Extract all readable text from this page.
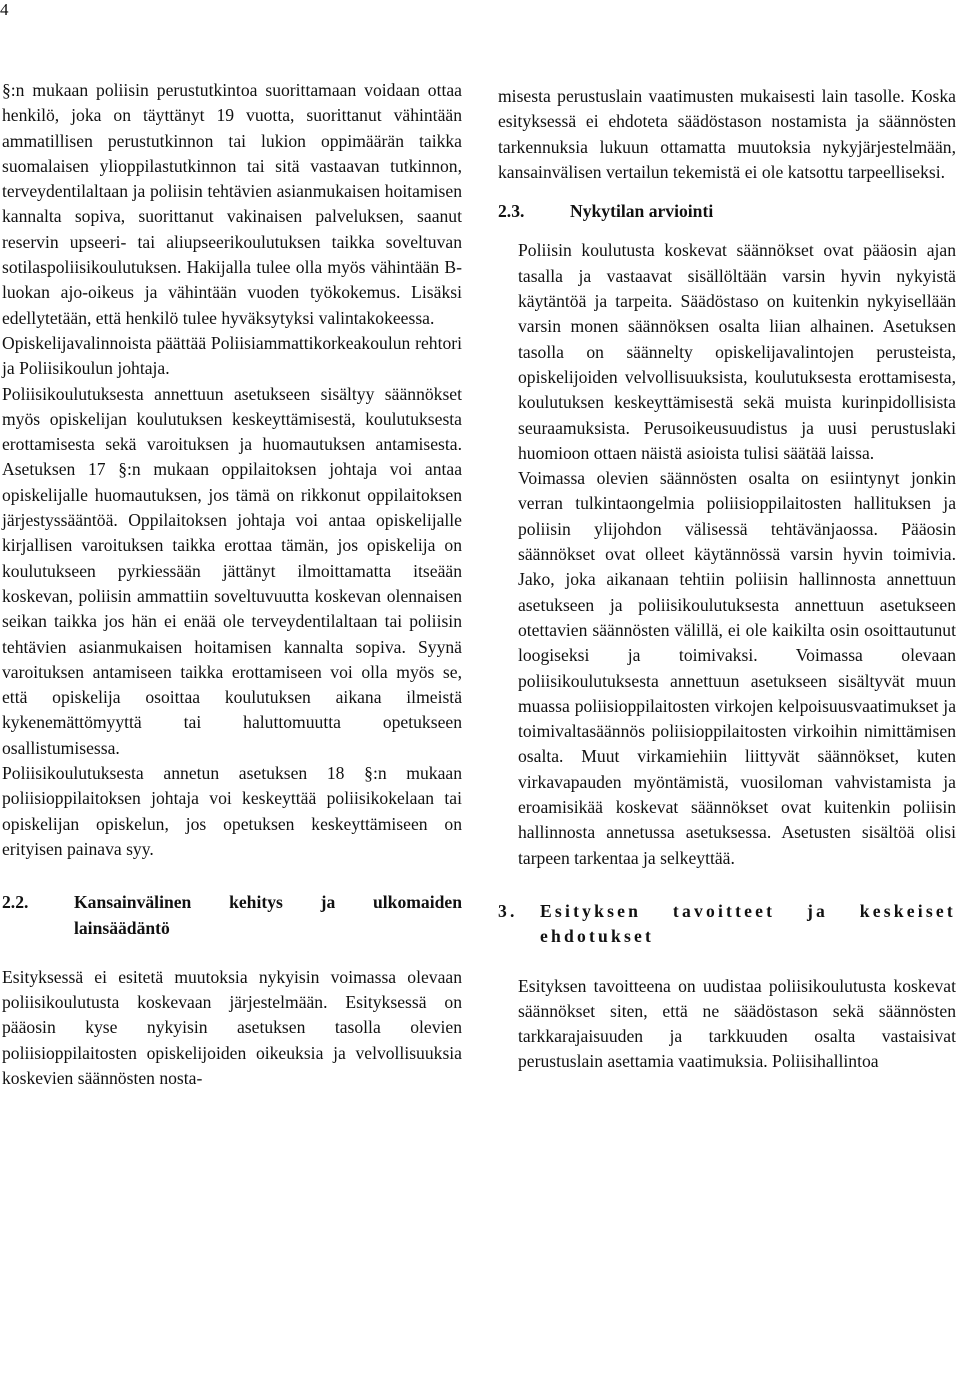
4

§:n mukaan poliisin perustutkintoa suorittamaan voidaan ottaa henkilö, joka on täyttänyt 19 vuotta, suorittanut vähintään ammatillisen perustutkinnon tai lukion oppimäärän taikka suomalaisen ylioppilastutkinnon tai sitä vastaavan tutkinnon, terveydentilaltaan ja poliisin tehtävien asianmukaisen hoitamisen kannalta sopiva, suorittanut vakinaisen palveluksen, saanut reservin upseeri- tai aliupseerikoulutuksen taikka soveltuvan sotilaspoliisikoulutuksen. Hakijalla tulee olla myös vähintään B-luokan ajo-oikeus ja vähintään vuoden työkokemus. Lisäksi edellytetään, että henkilö tulee hyväksytyksi valintakokeessa.

Opiskelijavalinnoista päättää Poliisiammattikorkeakoulun rehtori ja Poliisikoulun johtaja.

Poliisikoulutuksesta annettuun asetukseen sisältyy säännökset myös opiskelijan koulutuksen keskeyttämisestä, koulutuksesta erottamisesta sekä varoituksen ja huomautuksen antamisesta. Asetuksen 17 §:n mukaan oppilaitoksen johtaja voi antaa opiskelijalle huomautuksen, jos tämä on rikkonut oppilaitoksen järjestyssääntöä. Oppilaitoksen johtaja voi antaa opiskelijalle kirjallisen varoituksen taikka erottaa tämän, jos opiskelija on koulutukseen pyrkiessään jättänyt ilmoittamatta itseään koskevan, poliisin ammattiin soveltuvuutta koskevan olennaisen seikan taikka jos hän ei enää ole terveydentilaltaan tai poliisin tehtävien asianmukaisen hoitamisen kannalta sopiva. Syynä varoituksen antamiseen taikka erottamiseen voi olla myös se, että opiskelija osoittaa koulutuksen aikana ilmeistä kykenemättömyyttä tai haluttomuutta opetukseen osallistumisessa.

Poliisikoulutuksesta annetun asetuksen 18 §:n mukaan poliisioppilaitoksen johtaja voi keskeyttää poliisikokelaan tai opiskelijan opiskelun, jos opetuksen keskeyttämiseen on erityisen painava syy.

2.2.	Kansainvälinen kehitys ja ulkomaiden lainsäädäntö

Esityksessä ei esitetä muutoksia nykyisin voimassa olevaan poliisikoulutusta koskevaan järjestelmään. Esityksessä on pääosin kyse nykyisin asetuksen tasolla olevien poliisioppilaitosten opiskelijoiden oikeuksia ja velvollisuuksia koskevien säännösten nosta-

misesta perustuslain vaatimusten mukaisesti lain tasolle. Koska esityksessä ei ehdoteta säädöstason nostamista ja säännösten tarkennuksia lukuun ottamatta muutoksia nykyjärjestelmään, kansainvälisen vertailun tekemistä ei ole katsottu tarpeelliseksi.

2.3.	Nykytilan arviointi

Poliisin koulutusta koskevat säännökset ovat pääosin ajan tasalla ja vastaavat sisällöltään varsin hyvin nykyistä käytäntöä ja tarpeita. Säädöstaso on kuitenkin nykyisellään varsin monen säännöksen osalta liian alhainen. Asetuksen tasolla on säännelty opiskelijavalintojen perusteista, opiskelijoiden velvollisuuksista, koulutuksesta erottamisesta, koulutuksen keskeyttämisestä sekä muista kurinpidollisista seuraamuksista. Perusoikeusuudistus ja uusi perustuslaki huomioon ottaen näistä asioista tulisi säätää laissa.

Voimassa olevien säännösten osalta on esiintynyt jonkin verran tulkintaongelmia poliisioppilaitosten hallituksen ja poliisin ylijohdon välisessä tehtävänjaossa. Pääosin säännökset ovat olleet käytännössä varsin hyvin toimivia. Jako, joka aikanaan tehtiin poliisin hallinnosta annettuun asetukseen ja poliisikoulutuksesta annettuun asetukseen otettavien säännösten välillä, ei ole kaikilta osin osoittautunut loogiseksi ja toimivaksi. Voimassa olevaan poliisikoulutuksesta annettuun asetukseen sisältyvät muun muassa poliisioppilaitosten virkojen kelpoisuusvaatimukset ja toimivaltasäännös poliisioppilaitosten virkoihin nimittämisen osalta. Muut virkamiehiin liittyvät säännökset, kuten virkavapauden myöntämistä, vuosiloman vahvistamista ja eroamisikää koskevat säännökset ovat kuitenkin poliisin hallinnosta annetussa asetuksessa. Asetusten sisältöä olisi tarpeen tarkentaa ja selkeyttää.

3.	Esityksen tavoitteet ja keskeiset ehdotukset

Esityksen tavoitteena on uudistaa poliisikoulutusta koskevat säännökset siten, että ne säädöstason sekä säännösten tarkkarajaisuuden ja tarkkuuden osalta vastaisivat perustuslain asettamia vaatimuksia. Poliisihallintoa
